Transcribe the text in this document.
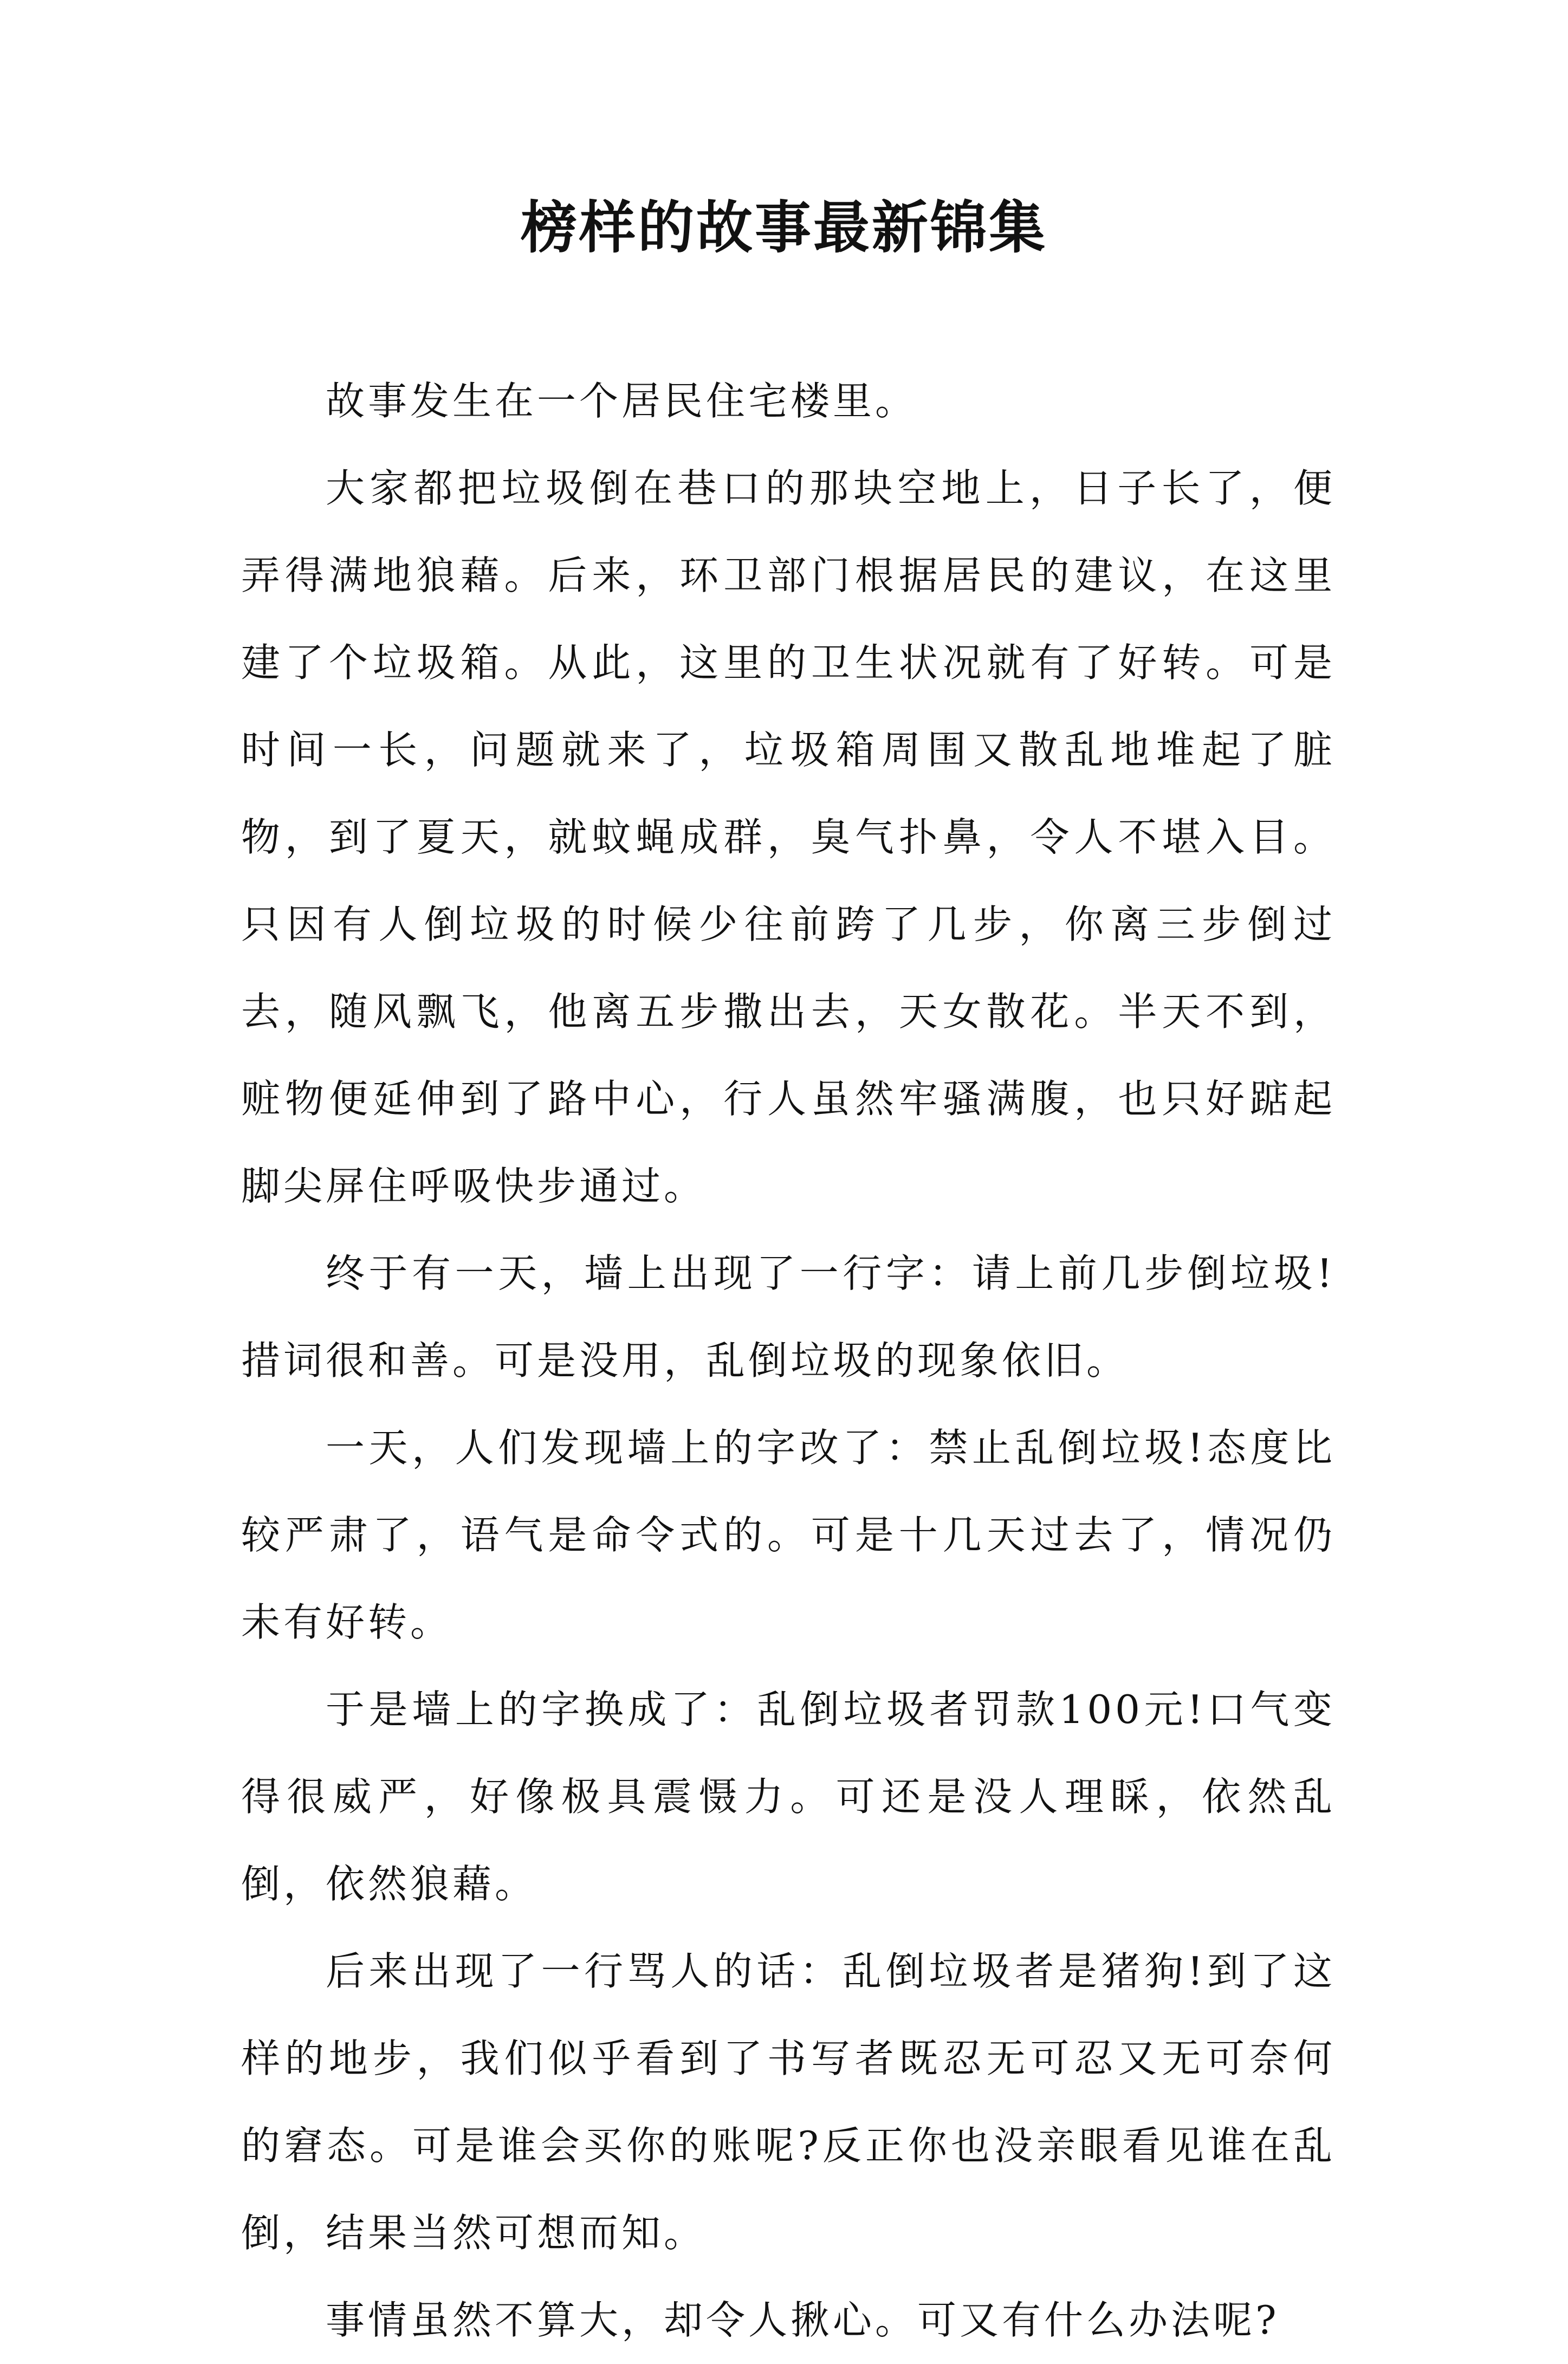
榜样的故事最新锦集

故事发生在一个居民住宅楼里。

大家都把垃圾倒在巷口的那块空地上，日子长了，便弄得满地狼藉。后来，环卫部门根据居民的建议，在这里建了个垃圾箱。从此，这里的卫生状况就有了好转。可是时间一长，问题就来了，垃圾箱周围又散乱地堆起了脏物，到了夏天，就蚊蝇成群，臭气扑鼻，令人不堪入目。只因有人倒垃圾的时候少往前跨了几步，你离三步倒过去，随风飘飞，他离五步撒出去，天女散花。半天不到，赃物便延伸到了路中心，行人虽然牢骚满腹，也只好踮起脚尖屏住呼吸快步通过。

终于有一天，墙上出现了一行字：请上前几步倒垃圾!措词很和善。可是没用，乱倒垃圾的现象依旧。

一天，人们发现墙上的字改了：禁止乱倒垃圾!态度比较严肃了，语气是命令式的。可是十几天过去了，情况仍未有好转。

于是墙上的字换成了：乱倒垃圾者罚款100元!口气变得很威严，好像极具震慑力。可还是没人理睬，依然乱倒，依然狼藉。

后来出现了一行骂人的话：乱倒垃圾者是猪狗!到了这样的地步，我们似乎看到了书写者既忍无可忍又无可奈何的窘态。可是谁会买你的账呢?反正你也没亲眼看见谁在乱倒，结果当然可想而知。

事情虽然不算大，却令人揪心。可又有什么办法呢?
